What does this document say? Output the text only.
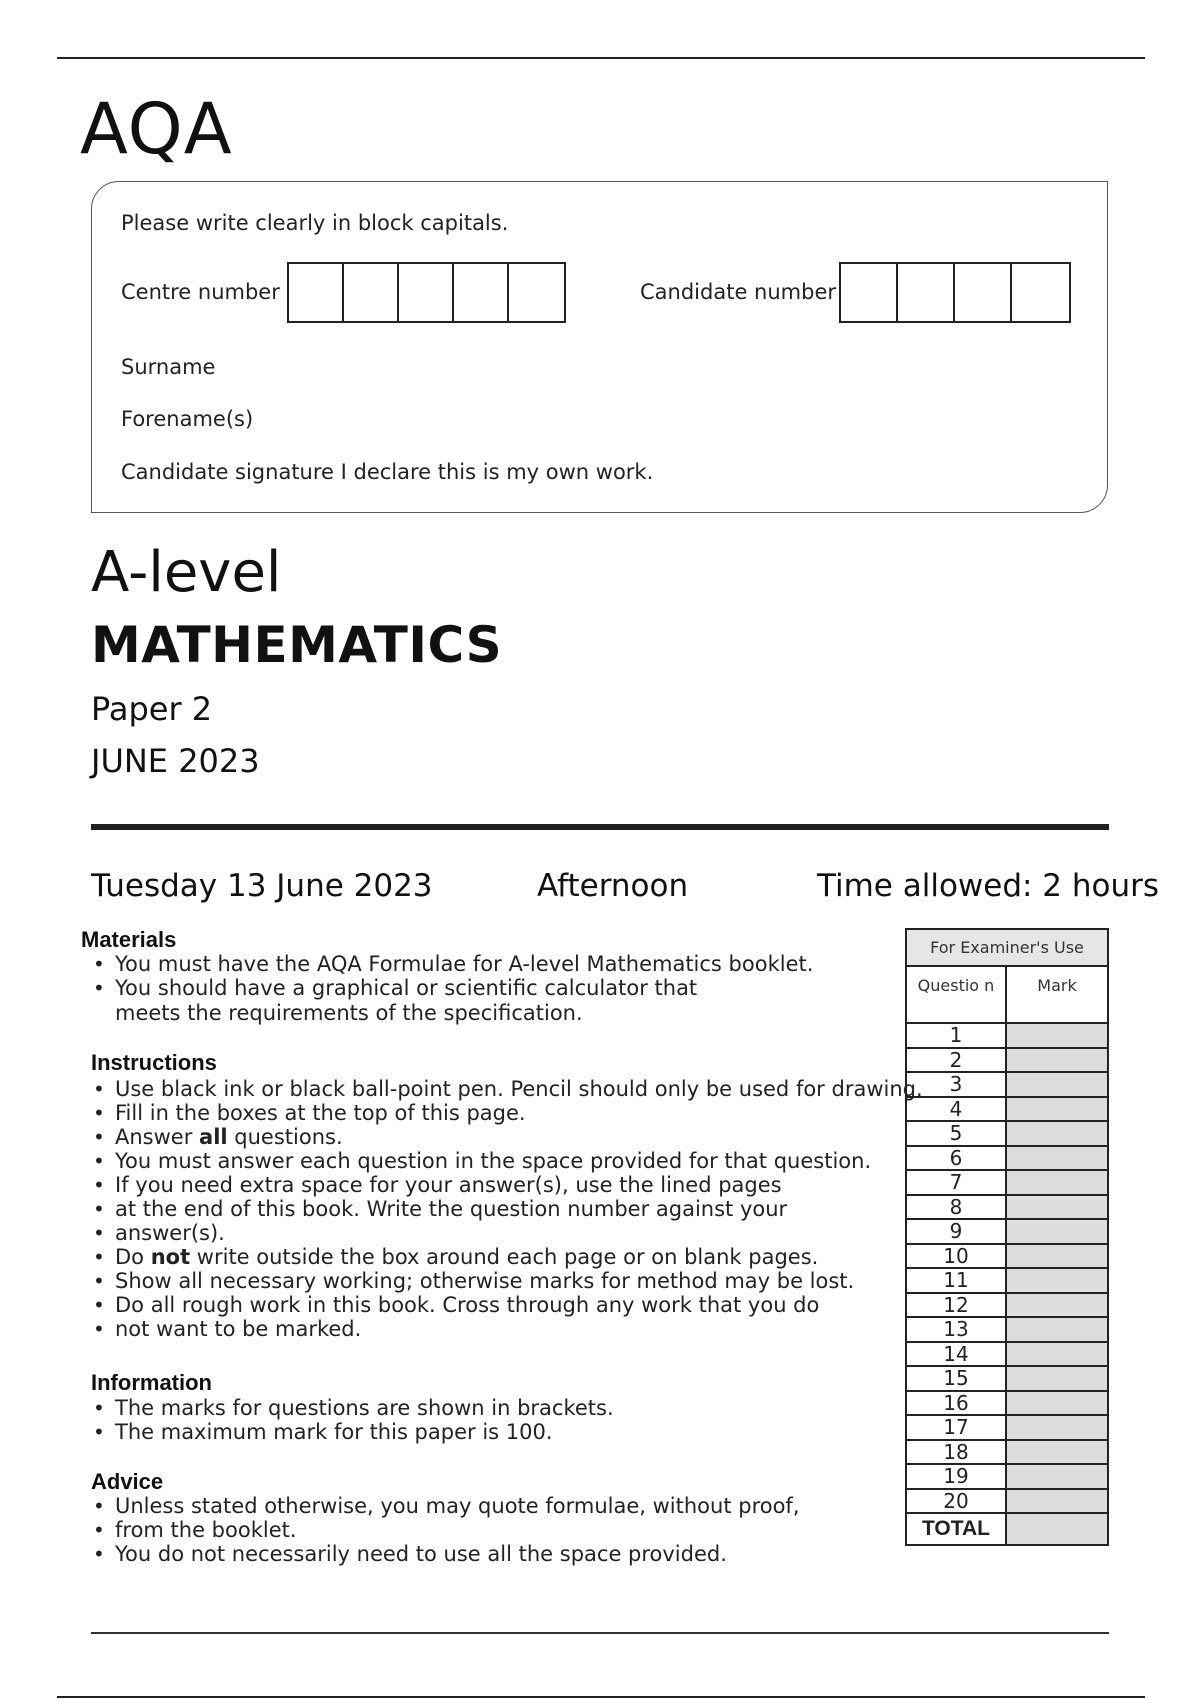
AQA
Please write clearly in block capitals.
Centre number	Candidate number
Surname
Forename(s)
Candidate signature I declare this is my own work.
A-level
MATHEMATICS
Paper 2
JUNE 2023
Tuesday 13 June 2023	Afternoon	Time allowed: 2 hours
Materials
• You must have the AQA Formulae for A-level Mathematics booklet.
• You should have a graphical or scientific calculator that
meets the requirements of the specification.
Instructions
• Use black ink or black ball-point pen. Pencil should only be used for drawing.
• Fill in the boxes at the top of this page.
• Answer all questions.
• You must answer each question in the space provided for that question.
• If you need extra space for your answer(s), use the lined pages
• at the end of this book. Write the question number against your
• answer(s).
• Do not write outside the box around each page or on blank pages.
• Show all necessary working; otherwise marks for method may be lost.
• Do all rough work in this book. Cross through any work that you do
• not want to be marked.
Information
• The marks for questions are shown in brackets.
• The maximum mark for this paper is 100.
Advice
• Unless stated otherwise, you may quote formulae, without proof,
• from the booklet.
• You do not necessarily need to use all the space provided.
For Examiner's Use	
Questio n	Mark
1	
2	
3	
4	
5	
6	
7	
8	
9	
10	
11	
12	
13	
14	
15	
16	
17	
18	
19	
20	
TOTAL	
